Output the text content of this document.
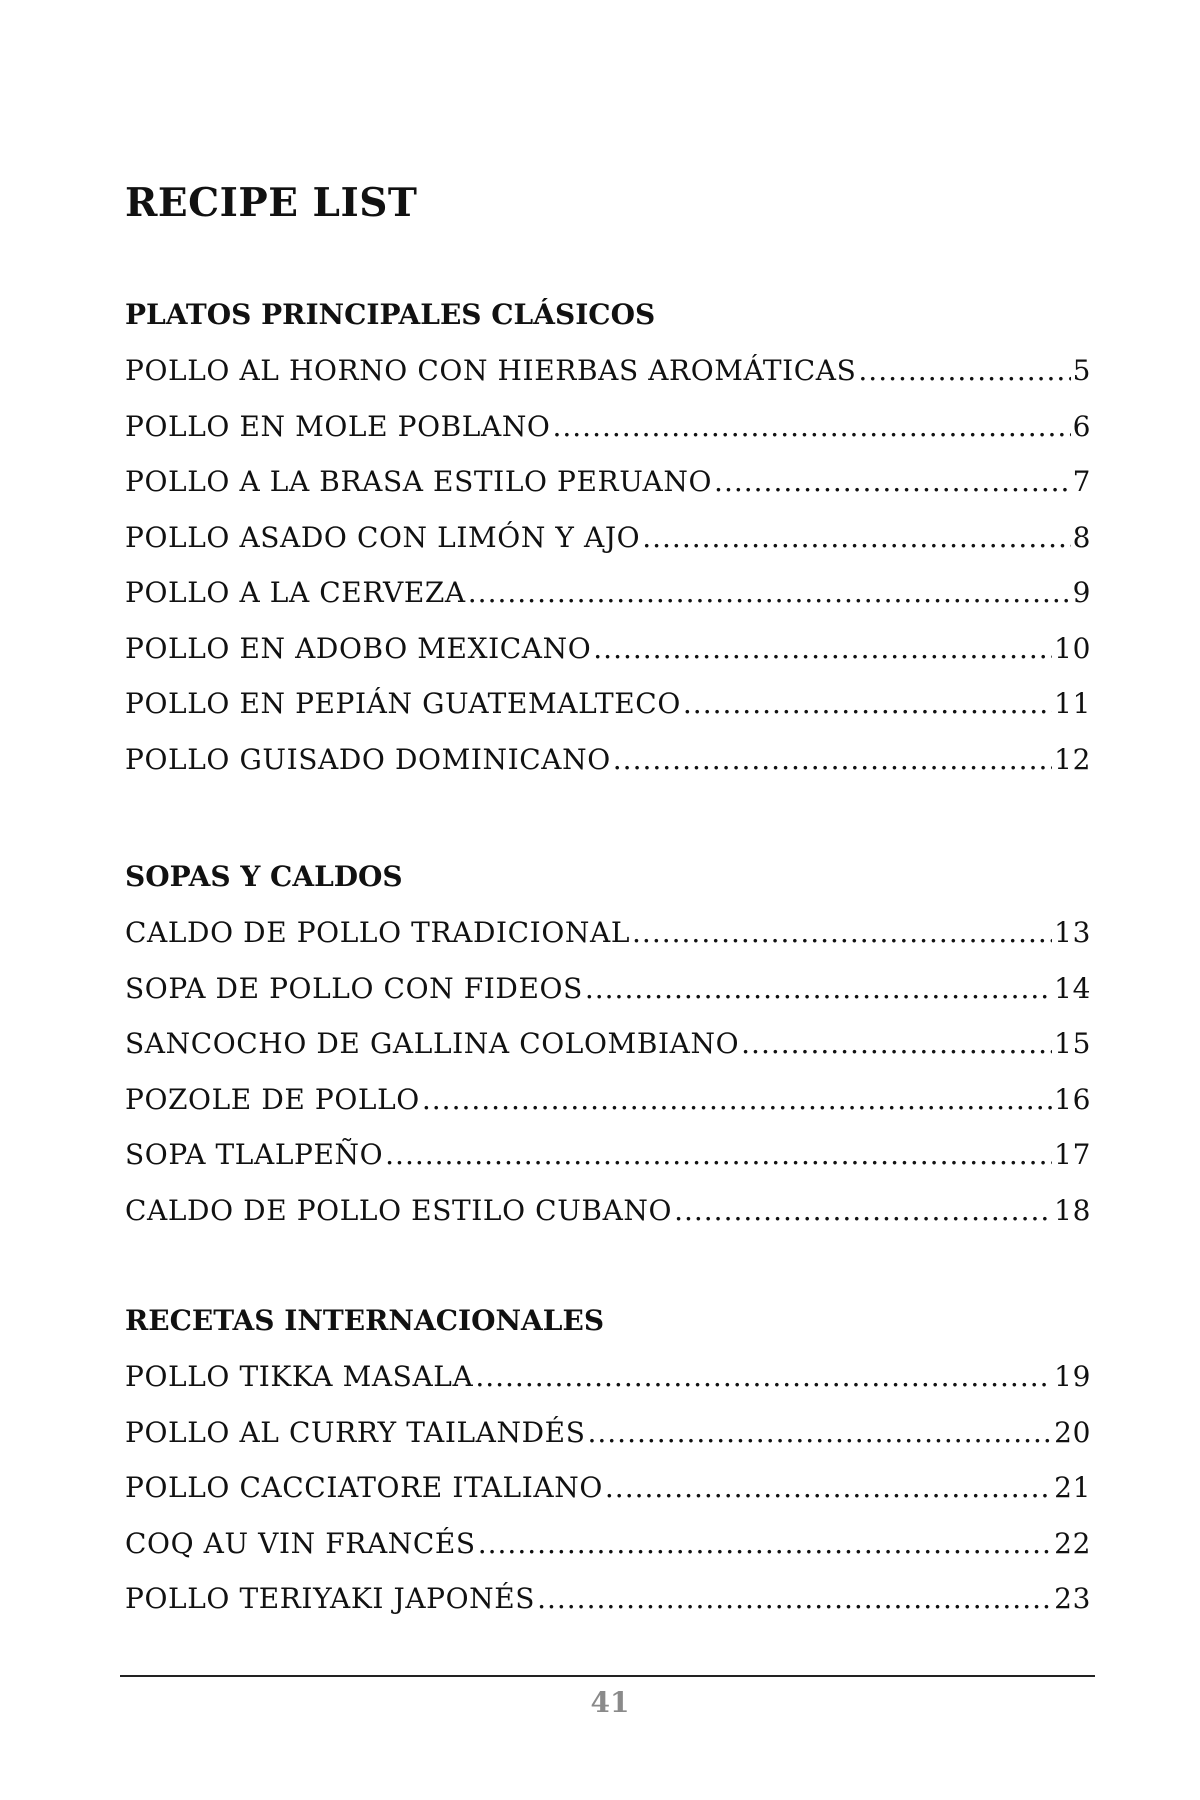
RECIPE LIST
PLATOS PRINCIPALES CLÁSICOS
POLLO AL HORNO CON HIERBAS AROMÁTICAS .....	5
POLLO EN MOLE POBLANO .....	6
POLLO A LA BRASA ESTILO PERUANO .....	7
POLLO ASADO CON LIMÓN Y AJO .....	8
POLLO A LA CERVEZA .....	9
POLLO EN ADOBO MEXICANO .....	10
POLLO EN PEPIÁN GUATEMALTECO .....	11
POLLO GUISADO DOMINICANO .....	12
SOPAS Y CALDOS
CALDO DE POLLO TRADICIONAL .....	13
SOPA DE POLLO CON FIDEOS .....	14
SANCOCHO DE GALLINA COLOMBIANO .....	15
POZOLE DE POLLO .....	16
SOPA TLALPEÑO .....	17
CALDO DE POLLO ESTILO CUBANO .....	18
RECETAS INTERNACIONALES
POLLO TIKKA MASALA .....	19
POLLO AL CURRY TAILANDÉS .....	20
POLLO CACCIATORE ITALIANO .....	21
COQ AU VIN FRANCÉS .....	22
POLLO TERIYAKI JAPONÉS .....	23
41
